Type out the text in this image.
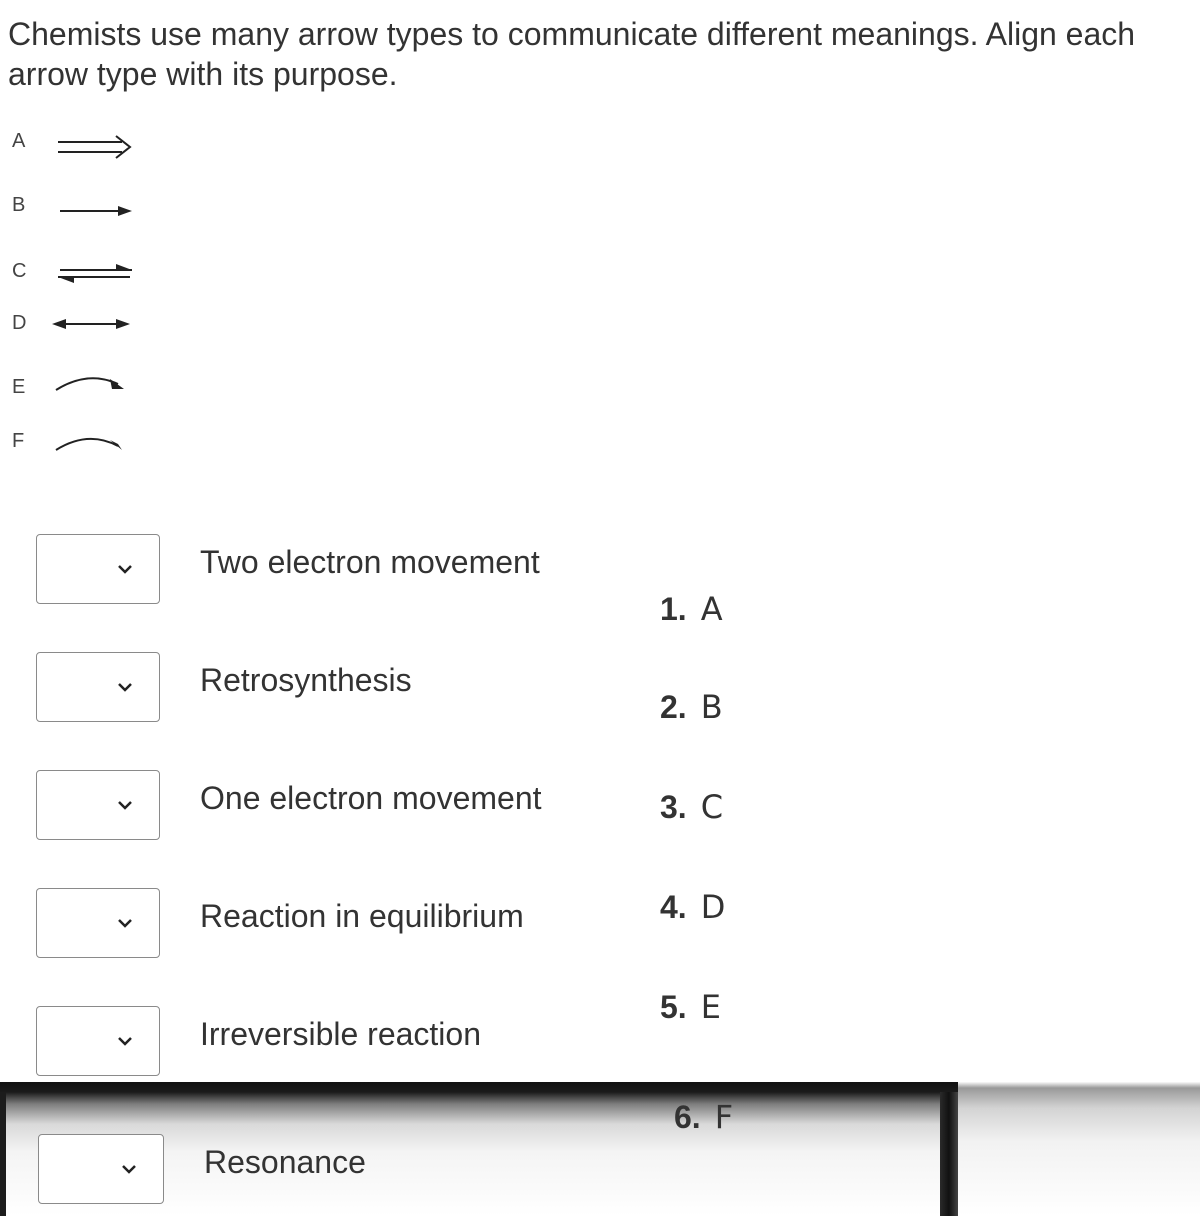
Chemists use many arrow types to communicate different meanings. Align each arrow type with its purpose.
A
B
C
D
E
F
Two electron movement
Retrosynthesis
One electron movement
Reaction in equilibrium
Irreversible reaction
1. A
2. B
3. C
4. D
5. E
6. F
Resonance
